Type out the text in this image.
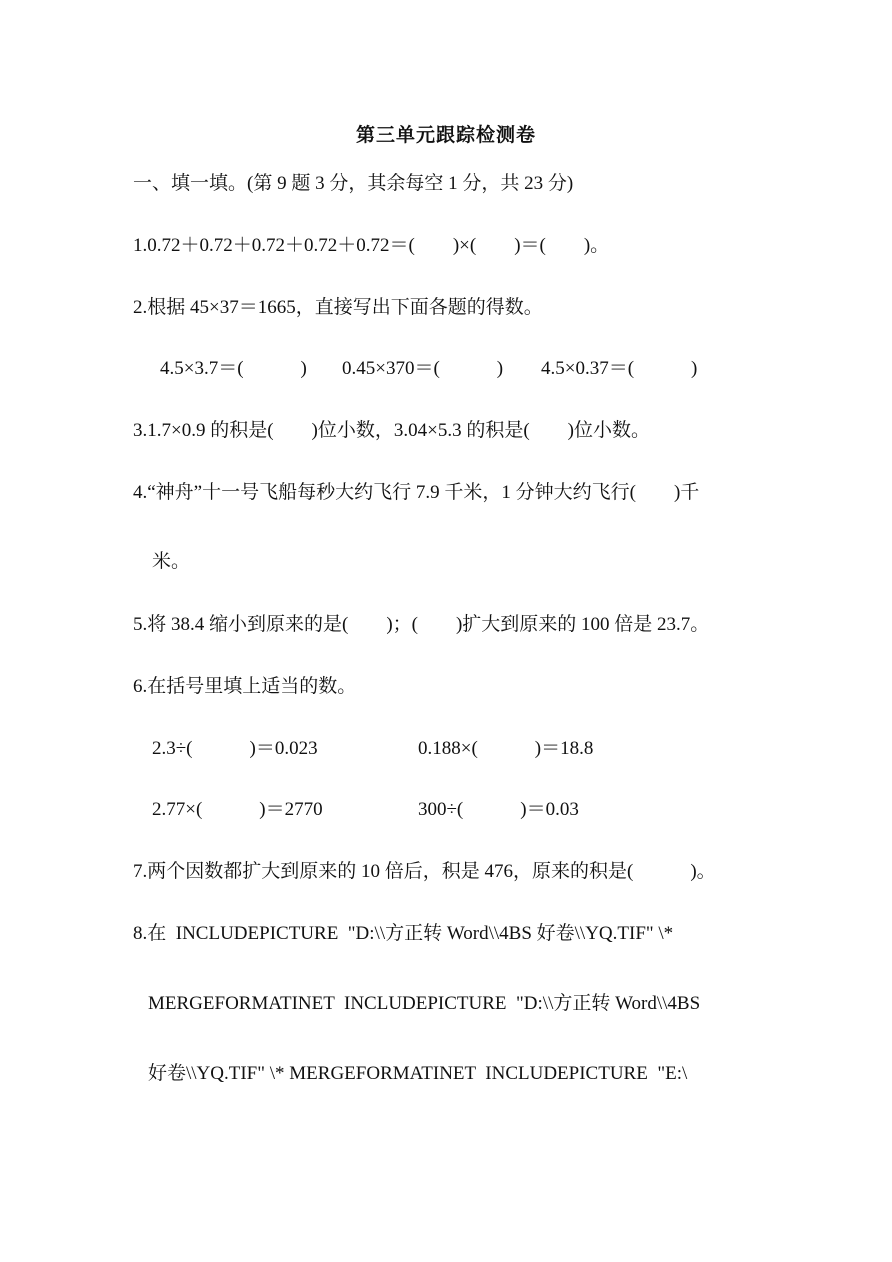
第三单元跟踪检测卷
一、填一填。(第 9 题 3 分，其余每空 1 分，共 23 分)
1.0.72＋0.72＋0.72＋0.72＋0.72＝(　　)×(　　)＝(　　)。
2.根据 45×37＝1665，直接写出下面各题的得数。
4.5×3.7＝(　　　) 0.45×370＝(　　　) 4.5×0.37＝(　　　)
3.1.7×0.9 的积是(　　)位小数，3.04×5.3 的积是(　　)位小数。
4.“神舟”十一号飞船每秒大约飞行 7.9 千米，1 分钟大约飞行(　　)千
米。
5.将 38.4 缩小到原来的是(　　)；(　　)扩大到原来的 100 倍是 23.7。
6.在括号里填上适当的数。
2.3÷(　　　)＝0.023	0.188×(　　　)＝18.8
2.77×(　　　)＝2770	300÷(　　　)＝0.03
7.两个因数都扩大到原来的 10 倍后，积是 476，原来的积是(　　　)。
8.在  INCLUDEPICTURE  "D:\\方正转 Word\\4BS 好卷\\YQ.TIF" \*
MERGEFORMATINET  INCLUDEPICTURE  "D:\\方正转 Word\\4BS
好卷\\YQ.TIF" \* MERGEFORMATINET  INCLUDEPICTURE  "E:\
